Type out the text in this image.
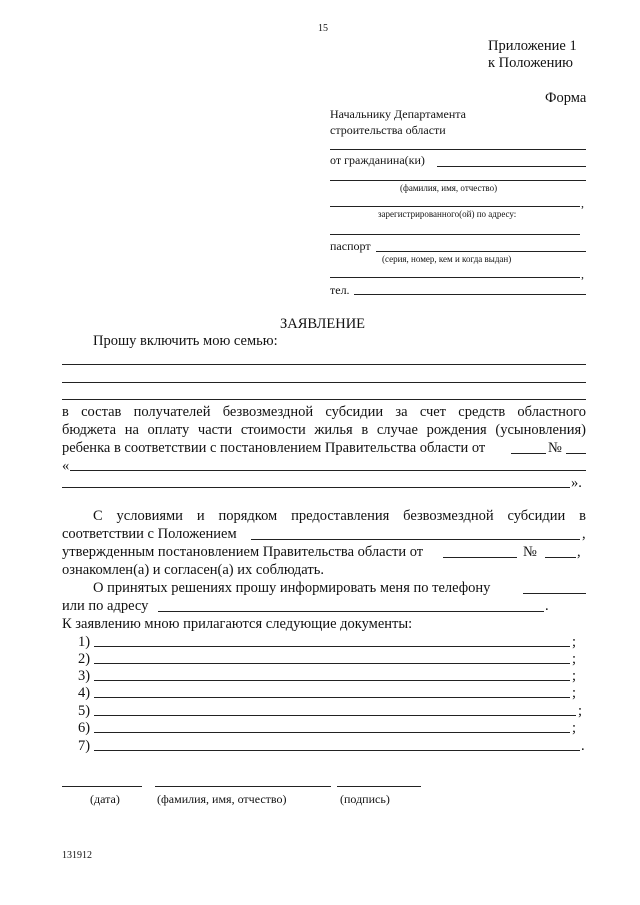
15
Приложение 1
к Положению
Форма
Начальнику Департамента
строительства области
от гражданина(ки)
(фамилия, имя, отчество)
,
зарегистрированного(ой) по адресу:
паспорт
(серия, номер, кем и когда выдан)
,
тел.
ЗАЯВЛЕНИЕ
Прошу включить мою семью:
в состав получателей безвозмездной субсидии за счет средств областного
бюджета на оплату части стоимости жилья в случае рождения (усыновления)
ребенка в соответствии с постановлением Правительства области от	№
«
».
С условиями и порядком предоставления безвозмездной субсидии в
соответствии с Положением	,
утвержденным постановлением Правительства области от	№	,
ознакомлен(а) и согласен(а) их соблюдать.
О принятых решениях прошу информировать меня по телефону
или по адресу	.
К заявлению мною прилагаются следующие документы:
1)	;
2)	;
3)	;
4)	;
5)	;
6)	;
7)	.
(дата)	(фамилия, имя, отчество)	(подпись)
131912
